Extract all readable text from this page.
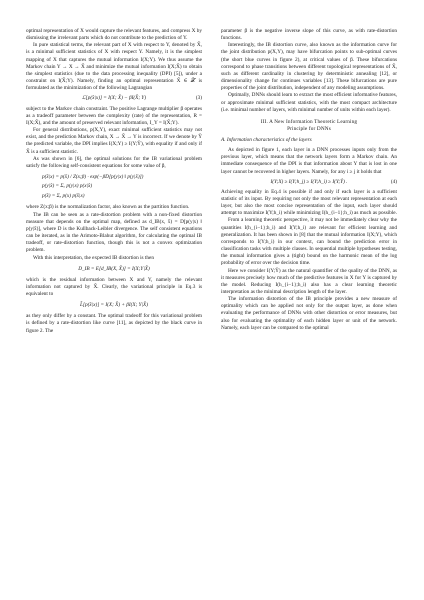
optimal representation of X would capture the relevant features, and compress X by dismissing the irrelevant parts which do not contribute to the prediction of Y.

In pure statistical terms, the relevant part of X with respect to Y, denoted by X̂, is a minimal sufficient statistics of X with respect Y. Namely, it is the simplest mapping of X that captures the mutual information I(X;Y). We thus assume the Markov chain Y → X → X̂ and minimize the mutual information I(X;X̂) to obtain the simplest statistics (due to the data processing inequality (DPI) [5]), under a constraint on I(X̂;Y). Namely, finding an optimal representation X̂ ∈ 𝒳̂ is formulated as the minimization of the following Lagrangian

ℒ[p(x̂|x)] = I(X; X̂) − βI(X̂; Y)	(3)

subject to the Markov chain constraint. The positive Lagrange multiplier β operates as a tradeoff parameter between the complexity (rate) of the representation, R = I(X;X̂), and the amount of preserved relevant information, I_Y = I(X̂;Y).

For general distributions, p(X,Y), exact minimal sufficient statistics may not exist, and the prediction Markov chain, X → X̂ → Y is incorrect. If we denote by Ŷ the predicted variable, the DPI implies I(X;Y) ≥ I(Y;Ŷ), with equality if and only if X̂ is a sufficient statistic.

As was shown in [6], the optimal solutions for the IB variational problem satisfy the following self-consistent equations for some value of β,

p(x̂|x) = p(x̂) / Z(x;β) · exp(−βD[p(y|x) ‖ p(y|x̂)])
p(y|x̂) = Σₓ p(y|x) p(x|x̂)
p(x̂) = Σₓ p(x) p(x̂|x)

where Z(x;β) is the normalization factor, also known as the partition function.

The IB can be seen as a rate-distortion problem with a non-fixed distortion measure that depends on the optimal map, defined as d_IB(x, x̂) = D[p(y|x) ‖ p(y|x̂)], where D is the Kullback-Leibler divergence. The self consistent equations can be iterated, as in the Arimoto-Blahut algorithm, for calculating the optimal IB tradeoff, or rate-distortion function, though this is not a convex optimization problem.

With this interpretation, the expected IB distortion is then

D_IB = E[d_IB(X, X̂)] = I(X;Y|X̂)

which is the residual information between X and Y, namely the relevant information not captured by X̂. Clearly, the variational principle in Eq.3 is equivalent to

L̃[p(x̂|x)] = I(X; X̂) + βI(X; Y|X̂)

as they only differ by a constant. The optimal tradeoff for this variational problem is defined by a rate-distortion like curve [11], as depicted by the black curve in figure 2. The

parameter β is the negative inverse slope of this curve, as with rate-distortion functions.

Interestingly, the IB distortion curve, also known as the information curve for the joint distribution p(X,Y), may have bifurcation points to sub-optimal curves (the short blue curves in figure 2), at critical values of β. These bifurcations correspond to phase transitions between different topological representations of X̂, such as different cardinality in clustering by deterministic annealing [12], or dimensionality change for continues variables [13]. These bifurcations are pure properties of the joint distribution, independent of any modeling assumptions.

Optimally, DNNs should learn to extract the most efficient informative features, or approximate minimal sufficient statistics, with the most compact architecture (i.e. minimal number of layers, with minimal number of units within each layer).

III. A New Information Theoretic Learning
Principle for DNNs
A. Information characteristics of the layers

As depicted in figure 1, each layer in a DNN processes inputs only from the previous layer, which means that the network layers form a Markov chain. An immediate consequence of the DPI is that information about Y that is lost in one layer cannot be recovered in higher layers. Namely, for any i ≥ j it holds that

I(Y;X) ≥ I(Y;h_j) ≥ I(Y;h_i) ≥ I(Y;Ŷ) .	(4)

Achieving equality in Eq.4 is possible if and only if each layer is a sufficient statistic of its input. By requiring not only the most relevant representation at each layer, but also the most concise representation of the input, each layer should attempt to maximize I(Y;h_i) while minimizing I(h_{i−1};h_i) as much as possible.

From a learning theoretic perspective, it may not be immediately clear why the quantities I(h_{i−1};h_i) and I(Y;h_i) are relevant for efficient learning and generalization. It has been shown in [8] that the mutual information I(X;Y), which corresponds to I(Y;h_i) in our context, can bound the prediction error in classification tasks with multiple classes. In sequential multiple hypotheses testing, the mutual information gives a (tight) bound on the harmonic mean of the log probability of error over the decision time.

Here we consider I(Y;Ŷ) as the natural quantifier of the quality of the DNN, as it measures precisely how much of the predictive features in X for Y is captured by the model. Reducing I(h_{i−1};h_i) also has a clear learning theoretic interpretation as the minimal description length of the layer.

The information distortion of the IB principle provides a new measure of optimality which can be applied not only for the output layer, as done when evaluating the performance of DNNs with other distortion or error measures, but also for evaluating the optimality of each hidden layer or unit of the network. Namely, each layer can be compared to the optimal
